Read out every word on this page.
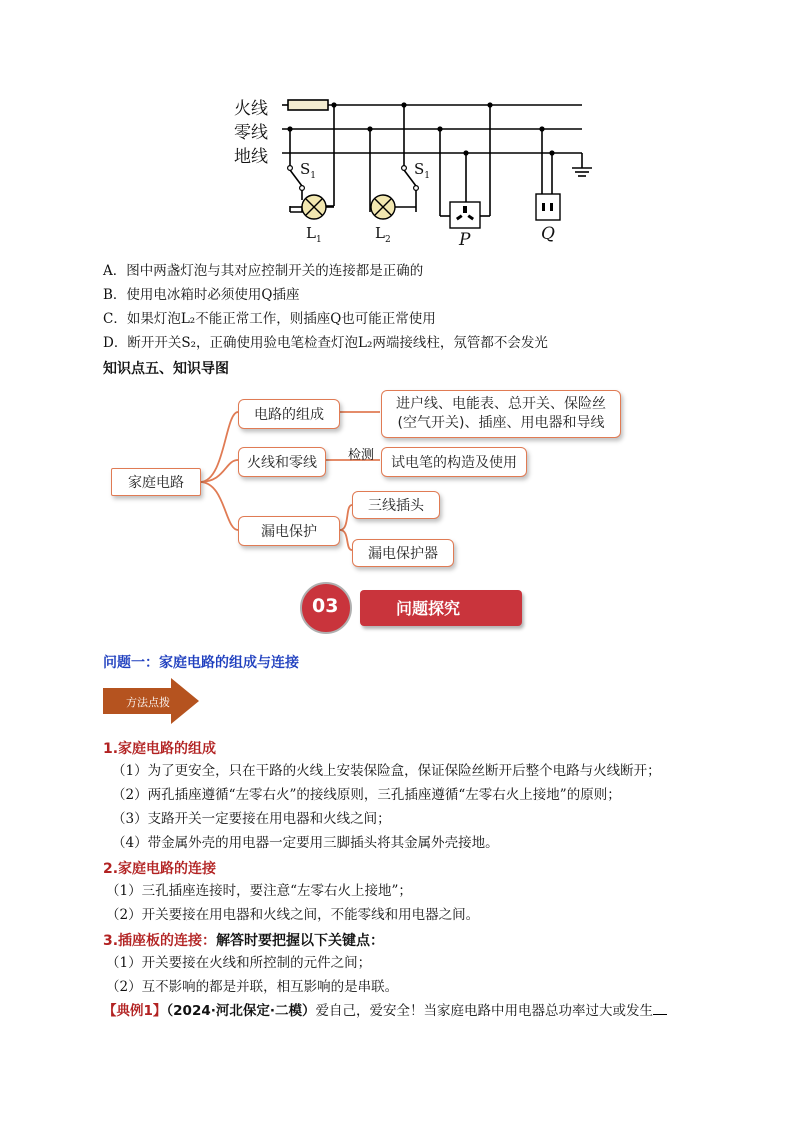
火线
零线
地线
$S_1$	$S_1$
$L_1$	$L_2$	P	Q
A．图中两盏灯泡与其对应控制开关的连接都是正确的
B．使用电冰箱时必须使用Q插座
C．如果灯泡L₂不能正常工作，则插座Q也可能正常使用
D．断开开关S₂，正确使用验电笔检查灯泡L₂两端接线柱，氖管都不会发光
知识点五、知识导图
家庭电路
电路的组成
进户线、电能表、总开关、保险丝
(空气开关)、插座、用电器和导线
火线和零线	检测	试电笔的构造及使用
漏电保护
三线插头
漏电保护器
问题探究
03
问题一：家庭电路的组成与连接
方法点拨
1.家庭电路的组成
（1）为了更安全，只在干路的火线上安装保险盒，保证保险丝断开后整个电路与火线断开；
（2）两孔插座遵循“左零右火”的接线原则，三孔插座遵循“左零右火上接地”的原则；
（3）支路开关一定要接在用电器和火线之间；
（4）带金属外壳的用电器一定要用三脚插头将其金属外壳接地。
2.家庭电路的连接
（1）三孔插座连接时，要注意“左零右火上接地”；
（2）开关要接在用电器和火线之间，不能零线和用电器之间。
3.插座板的连接：解答时要把握以下关键点：
（1）开关要接在火线和所控制的元件之间；
（2）互不影响的都是并联，相互影响的是串联。
【典例1】（2024·河北保定·二模）爱自己，爱安全！当家庭电路中用电器总功率过大或发生
